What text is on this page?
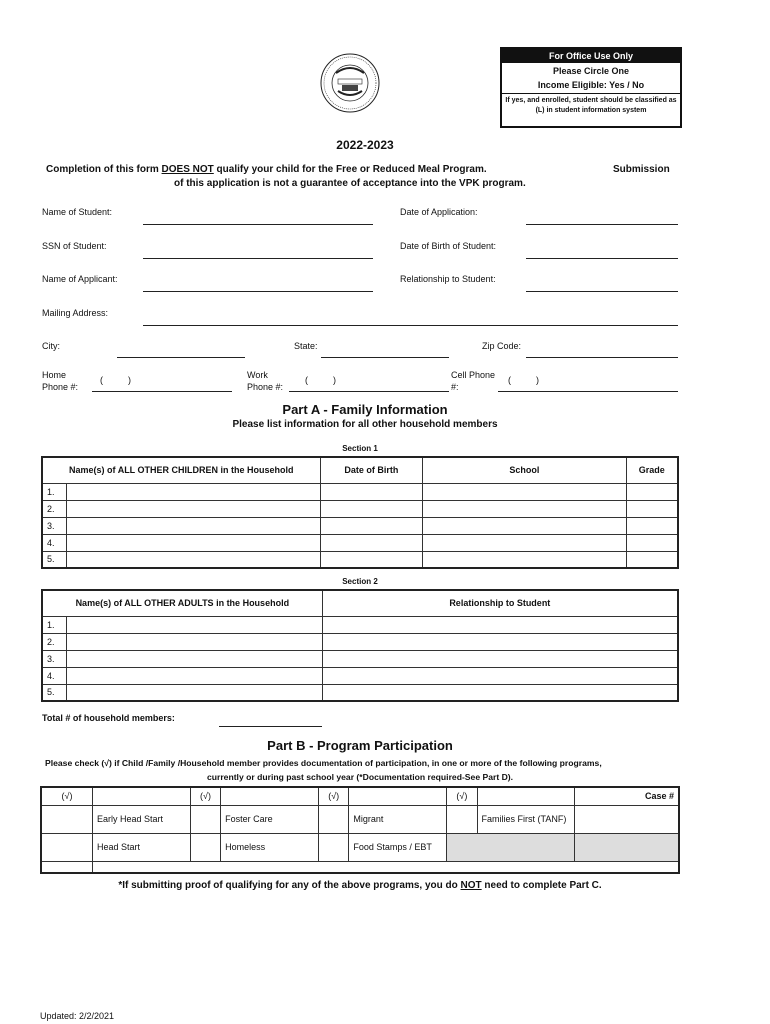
For Office Use Only
Please Circle One
Income Eligible: Yes / No
If yes, and enrolled, student should be classified as (L) in student information system
2022-2023
Completion of this form DOES NOT qualify your child for the Free or Reduced Meal Program.	Submission
of this application is not a guarantee of acceptance into the VPK program.
Name of Student:	Date of Application:
SSN of Student:	Date of Birth of Student:
Name of Applicant:	Relationship to Student:
Mailing Address:
City:	State:	Zip Code:
Home
Phone #:
(          )	Work
Phone #:
(          )	Cell Phone
#:
(          )
Part A - Family Information
Please list information for all other household members
Section 1
Name(s) of ALL OTHER CHILDREN in the Household		Date of Birth	School	Grade
1.				
2.				
3.				
4.				
5.				
Section 2
Name(s) of ALL OTHER ADULTS in the Household		Relationship to Student
1.		
2.		
3.		
4.		
5.		
Total # of household members:
Part B - Program Participation
Please check (√) if Child /Family /Household member provides documentation of participation, in one or more of the following programs,
currently or during past school year (*Documentation required-See Part D).
(√)		(√)		(√)		(√)		Case #
	Early Head Start		Foster Care		Migrant		Families First (TANF)	
	Head Start		Homeless		Food Stamps / EBT			

*If submitting proof of qualifying for any of the above programs, you do NOT need to complete Part C.
Updated: 2/2/2021
